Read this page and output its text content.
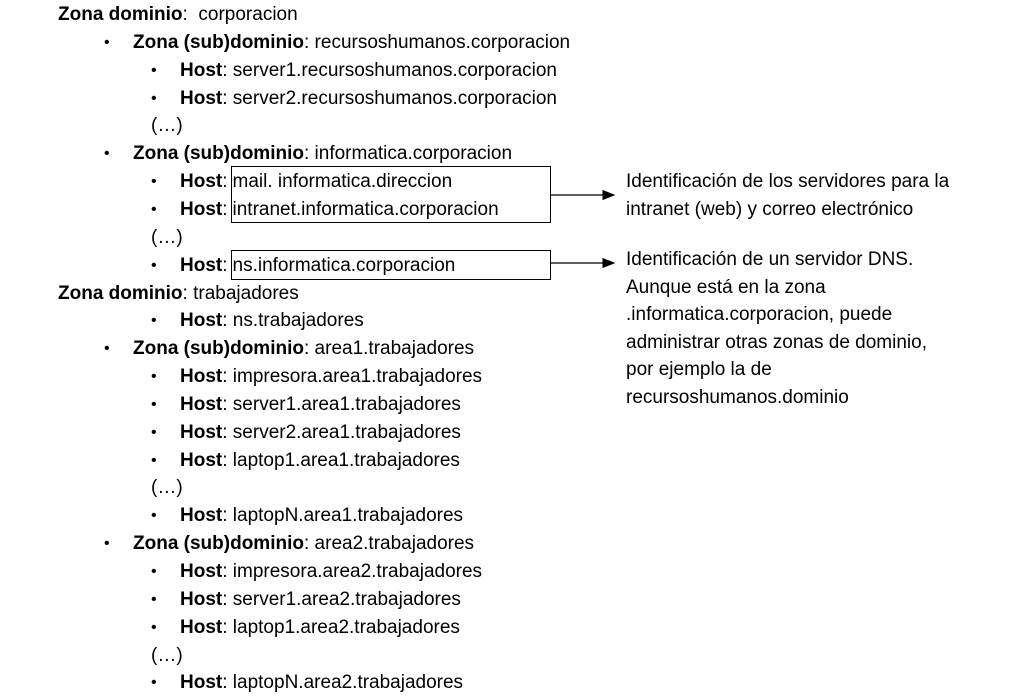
Zona dominio:  corporacion
• Zona (sub)dominio: recursoshumanos.corporacion
• Host: server1.recursoshumanos.corporacion
• Host: server2.recursoshumanos.corporacion
(…)
• Zona (sub)dominio: informatica.corporacion
• Host: mail. informatica.direccion
• Host: intranet.informatica.corporacion
(…)
• Host: ns.informatica.corporacion
Zona dominio: trabajadores
• Host: ns.trabajadores
• Zona (sub)dominio: area1.trabajadores
• Host: impresora.area1.trabajadores
• Host: server1.area1.trabajadores
• Host: server2.area1.trabajadores
• Host: laptop1.area1.trabajadores
(…)
• Host: laptopN.area1.trabajadores
• Zona (sub)dominio: area2.trabajadores
• Host: impresora.area2.trabajadores
• Host: server1.area2.trabajadores
• Host: laptop1.area2.trabajadores
(…)
• Host: laptopN.area2.trabajadores
Identificación de los servidores para la
intranet (web) y correo electrónico
Identificación de un servidor DNS.
Aunque está en la zona
.informatica.corporacion, puede
administrar otras zonas de dominio,
por ejemplo la de
recursoshumanos.dominio
